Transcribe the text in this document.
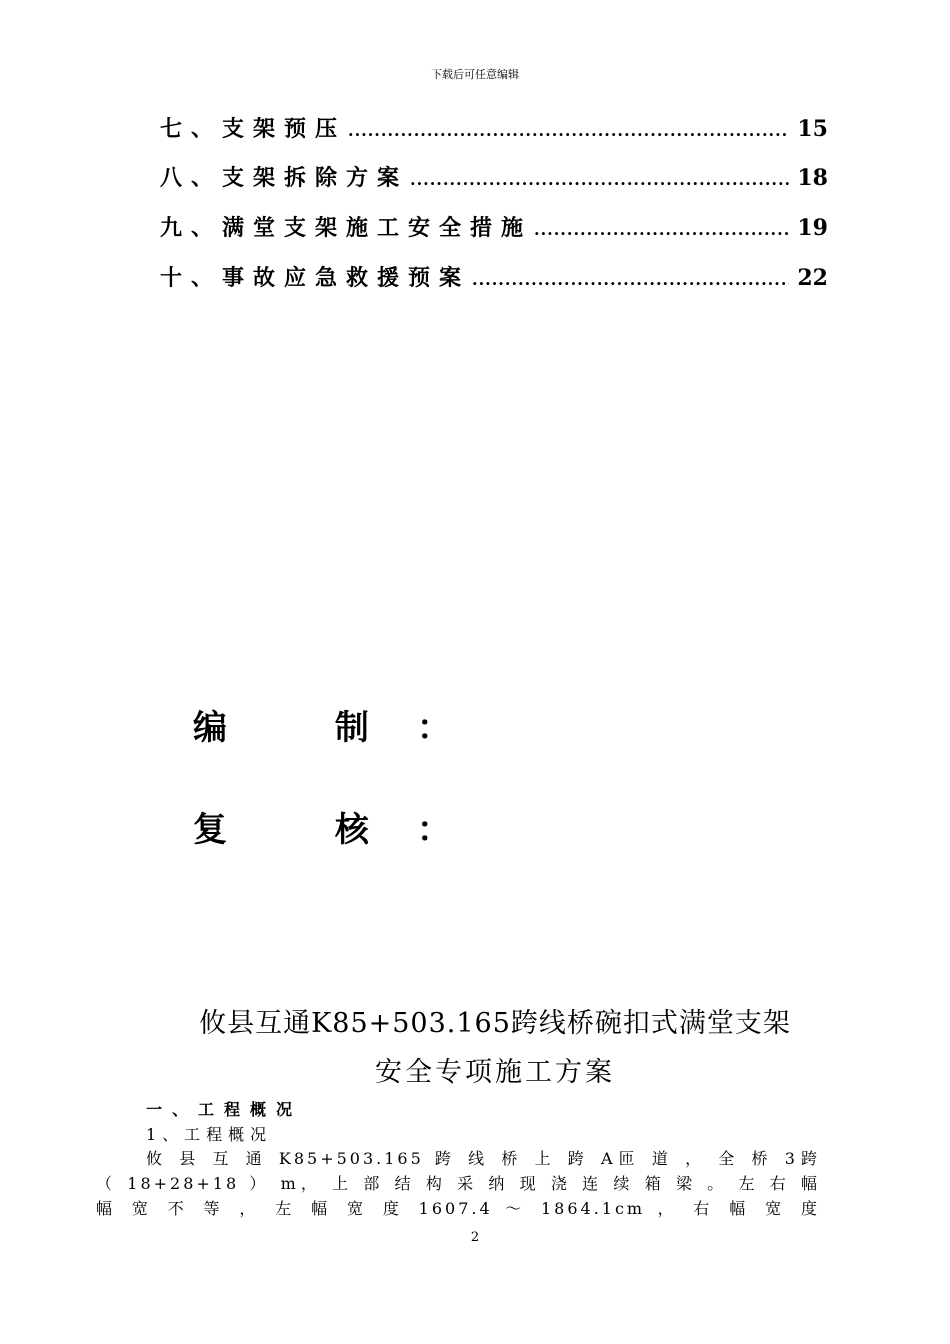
下载后可任意编辑
七、支架预压 .....	15
八、支架拆除方案 .....	18
九、满堂支架施工安全措施 .....	19
十、事故应急救援预案 .....	22
编 制：
复 核：
攸县互通K85+503.165跨线桥碗扣式满堂支架
安全专项施工方案
一、工程概况
1、工程概况
攸 县 互 通 K85+503.165 跨 线 桥 上 跨 A匝 道 ， 全 桥 3跨
（ 18+28+18 ） m， 上 部 结 构 采 纳 现 浇 连 续 箱 梁 。 左 右 幅
幅 宽 不 等 ， 左 幅 宽 度 1607.4 ～ 1864.1cm ， 右 幅 宽 度
2
